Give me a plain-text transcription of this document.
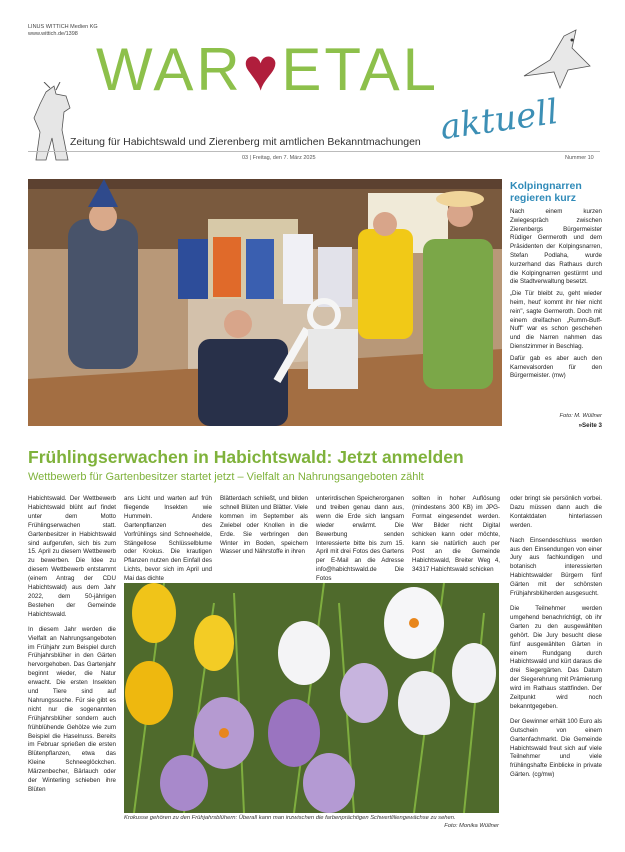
LINUS WITTICH Medien KG
www.wittich.de/1398
WAR♥ETAL
aktuell
Zeitung für Habichtswald und Zierenberg mit amtlichen Bekanntmachungen
03 | Freitag, den 7. März 2025	Nummer 10
Kolpingnarren regieren kurz

Nach einem kurzen Zwiegespräch zwischen Zierenbergs Bürgermeister Rüdiger Germeroth und dem Präsidenten der Kolpingsnarren, Stefan Podlaha, wurde kurzerhand das Rathaus durch die Kolpingnarren gestürmt und die Stadtverwaltung besetzt.

„Die Tür bleibt zu, geht wieder heim, heut' kommt ihr hier nicht rein", sagte Germeroth. Doch mit einem dreifachen „Rumm-Buff-Nuff" war es schon geschehen und die Narren nahmen das Dienstzimmer in Beschlag.

Dafür gab es aber auch den Karnevalsorden für den Bürgermeister. (mw)

Foto: M. Wüllner
»Seite 3
Frühlingserwachen in Habichtswald: Jetzt anmelden
Wettbewerb für Gartenbesitzer startet jetzt – Vielfalt an Nahrungsangeboten zählt

Habichtswald. Der Wettbewerb Habichtswald blüht auf findet unter dem Motto Frühlingserwachen statt. Gartenbesitzer in Habichtswald sind aufgerufen, sich bis zum 15. April zu diesem Wettbewerb zu bewerben. Die Idee zu diesem Wettbewerb entstammt (einem Antrag der CDU Habichtswald) aus dem Jahr 2022, dem 50-jährigen Bestehen der Gemeinde Habichtswald.

In diesem Jahr werden die Vielfalt an Nahrungsangeboten im Frühjahr zum Beispiel durch Frühjahrsblüher in den Gärten hervorgehoben. Das Gartenjahr beginnt wieder, die Natur erwacht. Die ersten Insekten und Tiere sind auf Nahrungssuche. Für sie gibt es nicht nur die sogenannten Frühjahrsblüher sondern auch frühblühende Gehölze wie zum Beispiel die Haselnuss. Bereits im Februar sprießen die ersten Blütenpflanzen, etwa das Kleine Schneeglöckchen. Märzenbecher, Bärlauch oder der Winterling schieben ihre Blüten

ans Licht und warten auf früh fliegende Insekten wie Hummeln. Andere Gartenpflanzen des Vorfrühlings sind Schneehelde, Stängellose Schlüsselblume oder Krokus. Die krautigen Pflanzen nutzen den Einfall des Lichts, bevor sich im April und Mai das dichte
Blätterdach schließt, und bilden schnell Blüten und Blätter. Viele kommen im September als Zwiebel oder Knollen in die Erde. Sie verbringen den Winter im Boden, speichern Wasser und Nährstoffe in ihren
unterirdischen Speicherorganen und treiben genau dann aus, wenn die Erde sich langsam wieder erwärmt. Die Bewerbung senden Interessierte bitte bis zum 15. April mit drei Fotos des Gartens per E-Mail an die Adresse info@habichtswald.de Die Fotos
sollten in hoher Auflösung (mindestens 300 KB) im JPG-Format eingesendet werden. Wer Bilder nicht Digital schicken kann oder möchte, kann sie natürlich auch per Post an die Gemeinde Habichtswald, Breiter Weg 4, 34317 Habichtswald schicken

oder bringt sie persönlich vorbei. Dazu müssen dann auch die Kontaktdaten hinterlassen werden.

Nach Einsendeschluss werden aus den Einsendungen von einer Jury aus fachkundigen und botanisch interessierten Habichtswalder Bürgern fünf Gärten mit der schönsten Frühjahrsblüherden ausgesucht.

Die Teilnehmer werden umgehend benachrichtigt, ob ihr Garten zu den ausgewählten gehört. Die Jury besucht diese fünf ausgewählten Gärten in einem Rundgang durch Habichtswald und kürt daraus die drei Siegergärten. Das Datum der Siegerehrung mit Prämierung wird im Rathaus stattfinden. Der Zeitpunkt wird noch bekanntgegeben.

Der Gewinner erhält 100 Euro als Gutschein von einem Gartenfachmarkt. Die Gemeinde Habichtswald freut sich auf viele Teilnehmer und viele frühlingshafte Einblicke in private Gärten. (cg/mw)

Krokusse gehören zu den Frühjahrsblühern: Überall kann man inzwischen die farbenprächtigen Schwertliliengewächse zu sehen.
Foto: Monika Wüllner
